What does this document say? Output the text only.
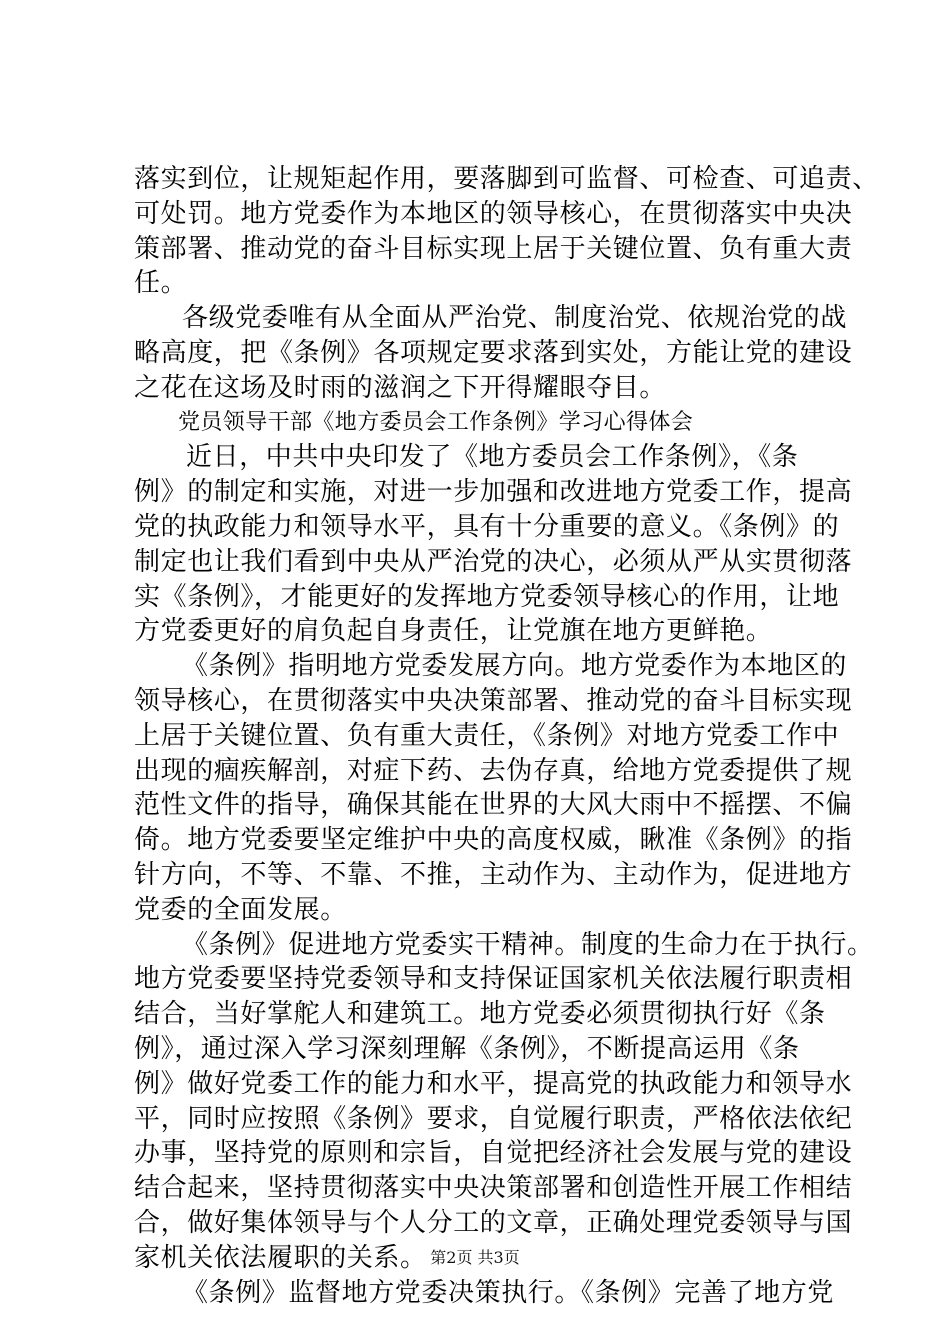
落实到位，让规矩起作用，要落脚到可监督、可检查、可追责、
可处罚。地方党委作为本地区的领导核心，在贯彻落实中央决
策部署、推动党的奋斗目标实现上居于关键位置、负有重大责
任。
各级党委唯有从全面从严治党、制度治党、依规治党的战
略高度，把《条例》各项规定要求落到实处，方能让党的建设
之花在这场及时雨的滋润之下开得耀眼夺目。
党员领导干部《地方委员会工作条例》学习心得体会
近日，中共中央印发了《地方委员会工作条例》，《条
例》的制定和实施，对进一步加强和改进地方党委工作，提高
党的执政能力和领导水平，具有十分重要的意义。《条例》的
制定也让我们看到中央从严治党的决心，必须从严从实贯彻落
实《条例》，才能更好的发挥地方党委领导核心的作用，让地
方党委更好的肩负起自身责任，让党旗在地方更鲜艳。
《条例》指明地方党委发展方向。地方党委作为本地区的
领导核心，在贯彻落实中央决策部署、推动党的奋斗目标实现
上居于关键位置、负有重大责任，《条例》对地方党委工作中
出现的痼疾解剖，对症下药、去伪存真，给地方党委提供了规
范性文件的指导，确保其能在世界的大风大雨中不摇摆、不偏
倚。地方党委要坚定维护中央的高度权威，瞅准《条例》的指
针方向，不等、不靠、不推，主动作为、主动作为，促进地方
党委的全面发展。
《条例》促进地方党委实干精神。制度的生命力在于执行。
地方党委要坚持党委领导和支持保证国家机关依法履行职责相
结合，当好掌舵人和建筑工。地方党委必须贯彻执行好《条
例》，通过深入学习深刻理解《条例》，不断提高运用《条
例》做好党委工作的能力和水平，提高党的执政能力和领导水
平，同时应按照《条例》要求，自觉履行职责，严格依法依纪
办事，坚持党的原则和宗旨，自觉把经济社会发展与党的建设
结合起来，坚持贯彻落实中央决策部署和创造性开展工作相结
合，做好集体领导与个人分工的文章，正确处理党委领导与国
家机关依法履职的关系。
《条例》监督地方党委决策执行。《条例》完善了地方党
第2页 共3页
